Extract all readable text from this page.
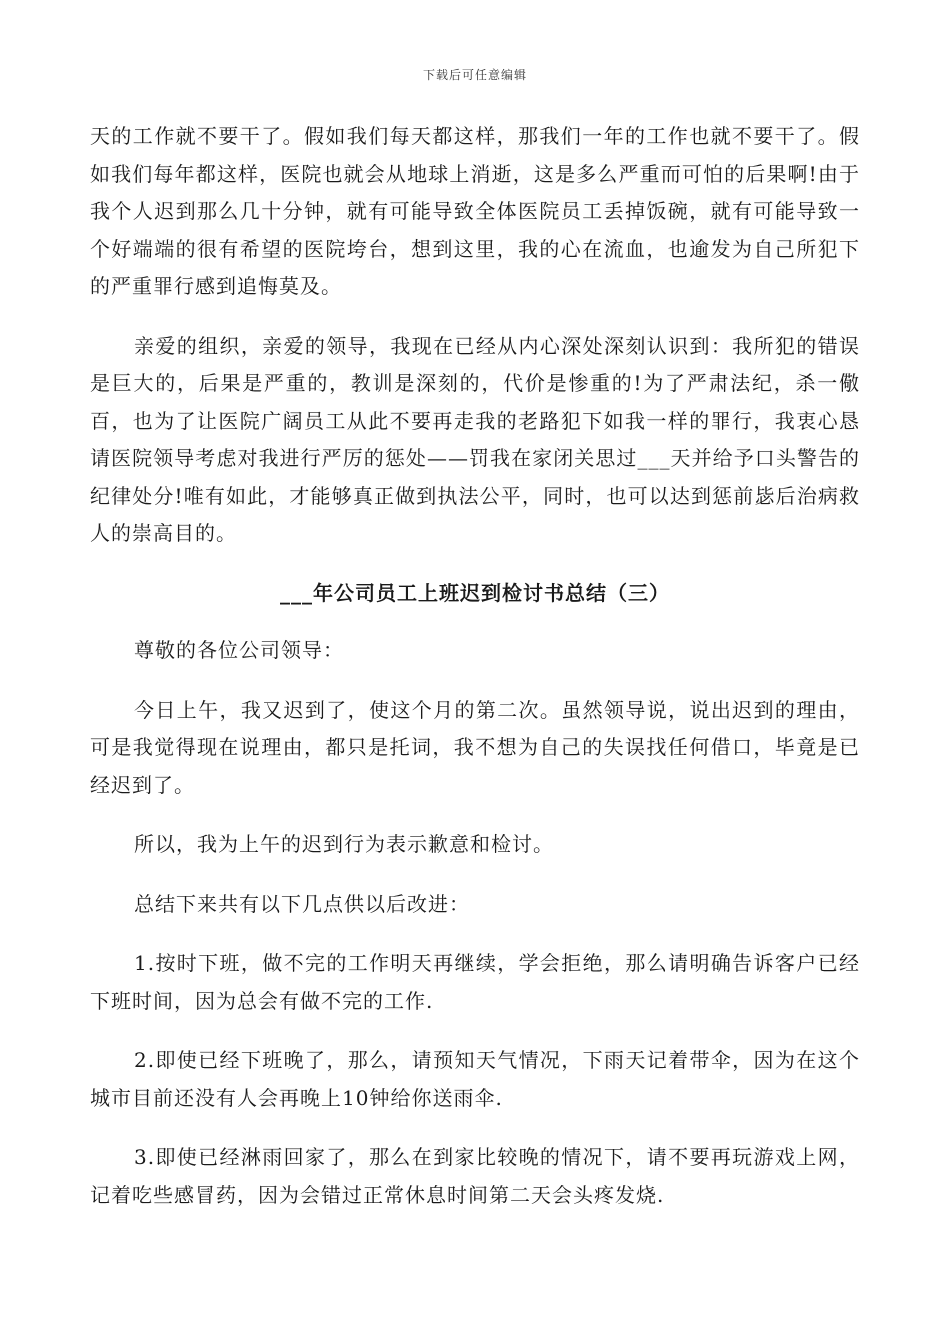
下载后可任意编辑

天的工作就不要干了。假如我们每天都这样，那我们一年的工作也就不要干了。假如我们每年都这样，医院也就会从地球上消逝，这是多么严重而可怕的后果啊!由于我个人迟到那么几十分钟，就有可能导致全体医院员工丢掉饭碗，就有可能导致一个好端端的很有希望的医院垮台，想到这里，我的心在流血，也逾发为自己所犯下的严重罪行感到追悔莫及。

亲爱的组织，亲爱的领导，我现在已经从内心深处深刻认识到：我所犯的错误是巨大的，后果是严重的，教训是深刻的，代价是惨重的!为了严肃法纪，杀一儆百，也为了让医院广阔员工从此不要再走我的老路犯下如我一样的罪行，我衷心恳请医院领导考虑对我进行严厉的惩处——罚我在家闭关思过___天并给予口头警告的纪律处分!唯有如此，才能够真正做到执法公平，同时，也可以达到惩前毖后治病救人的崇高目的。

___年公司员工上班迟到检讨书总结（三）

尊敬的各位公司领导：

今日上午，我又迟到了，使这个月的第二次。虽然领导说，说出迟到的理由，可是我觉得现在说理由，都只是托词，我不想为自己的失误找任何借口，毕竟是已经迟到了。

所以，我为上午的迟到行为表示歉意和检讨。

总结下来共有以下几点供以后改进：

1.按时下班，做不完的工作明天再继续，学会拒绝，那么请明确告诉客户已经下班时间，因为总会有做不完的工作.

2.即使已经下班晚了，那么，请预知天气情况，下雨天记着带伞，因为在这个城市目前还没有人会再晚上10钟给你送雨伞.

3.即使已经淋雨回家了，那么在到家比较晚的情况下，请不要再玩游戏上网，记着吃些感冒药，因为会错过正常休息时间第二天会头疼发烧.
